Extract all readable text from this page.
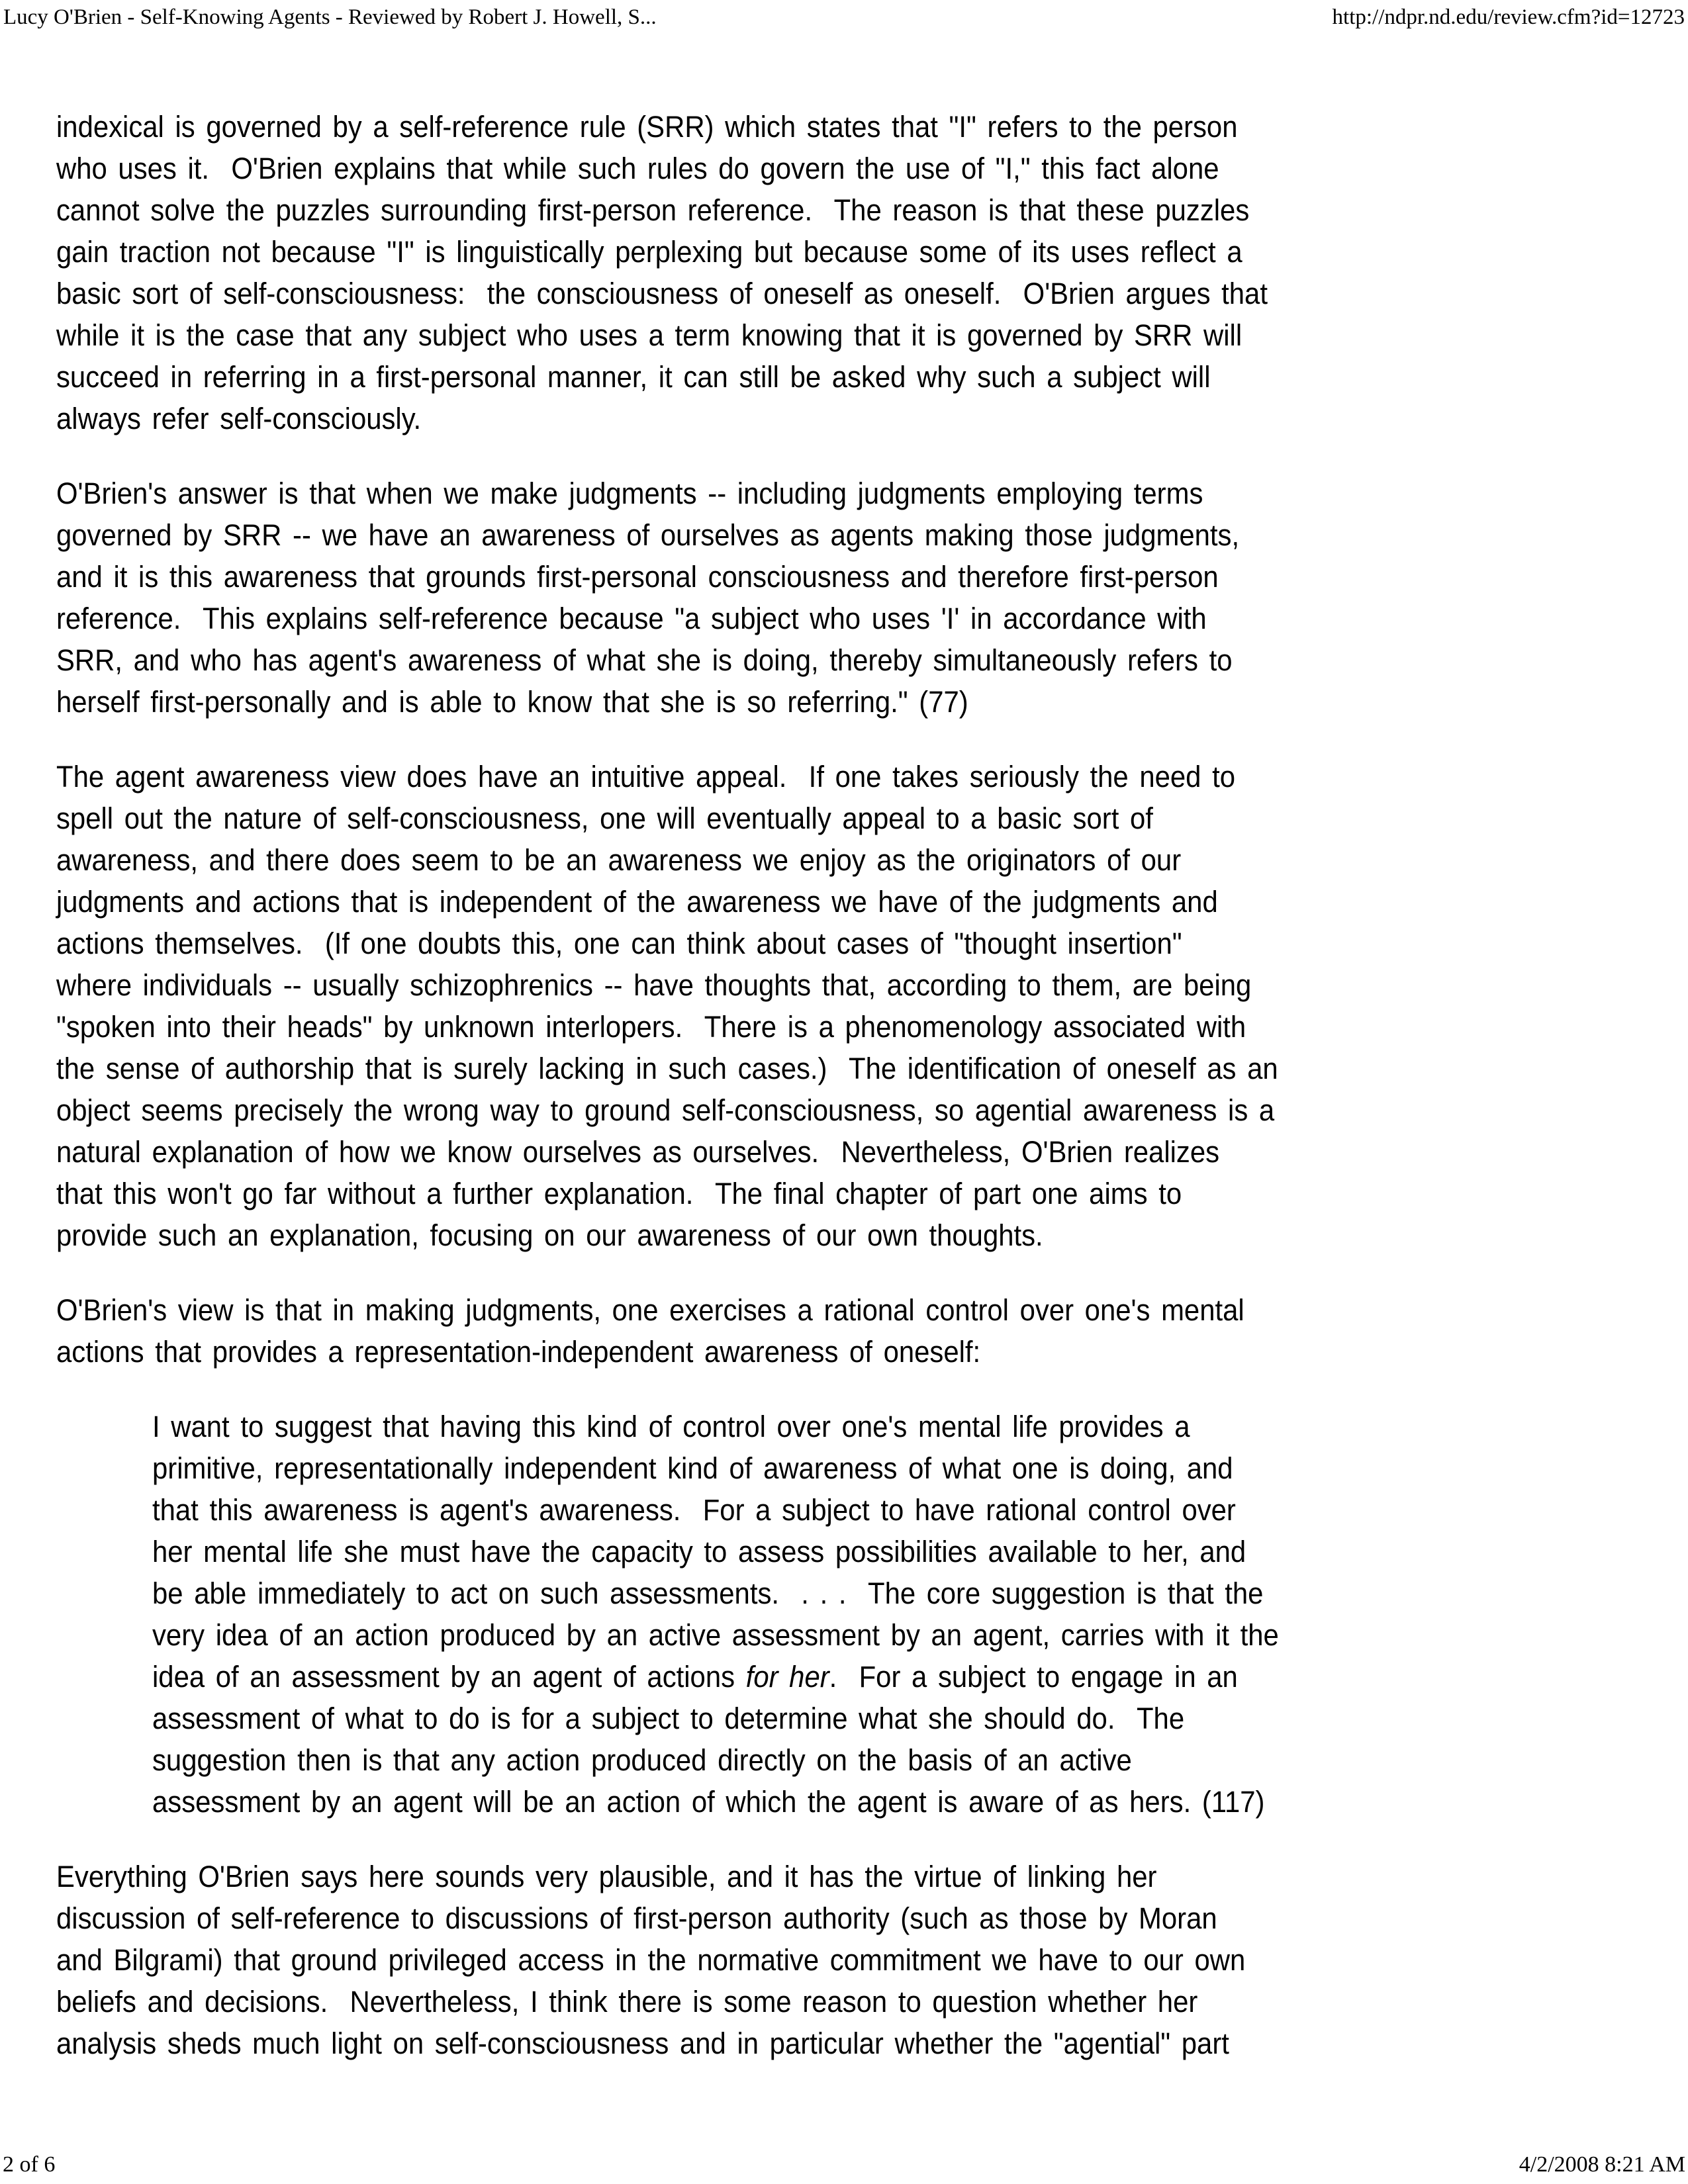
Lucy O'Brien - Self-Knowing Agents - Reviewed by Robert J. Howell, S...	http://ndpr.nd.edu/review.cfm?id=12723
indexical is governed by a self-reference rule (SRR) which states that "I" refers to the person
who uses it.  O'Brien explains that while such rules do govern the use of "I," this fact alone
cannot solve the puzzles surrounding first-person reference.  The reason is that these puzzles
gain traction not because "I" is linguistically perplexing but because some of its uses reflect a
basic sort of self-consciousness:  the consciousness of oneself as oneself.  O'Brien argues that
while it is the case that any subject who uses a term knowing that it is governed by SRR will
succeed in referring in a first-personal manner, it can still be asked why such a subject will
always refer self-consciously.
O'Brien's answer is that when we make judgments -- including judgments employing terms
governed by SRR -- we have an awareness of ourselves as agents making those judgments,
and it is this awareness that grounds first-personal consciousness and therefore first-person
reference.  This explains self-reference because "a subject who uses 'I' in accordance with
SRR, and who has agent's awareness of what she is doing, thereby simultaneously refers to
herself first-personally and is able to know that she is so referring." (77)
The agent awareness view does have an intuitive appeal.  If one takes seriously the need to
spell out the nature of self-consciousness, one will eventually appeal to a basic sort of
awareness, and there does seem to be an awareness we enjoy as the originators of our
judgments and actions that is independent of the awareness we have of the judgments and
actions themselves.  (If one doubts this, one can think about cases of "thought insertion"
where individuals -- usually schizophrenics -- have thoughts that, according to them, are being
"spoken into their heads" by unknown interlopers.  There is a phenomenology associated with
the sense of authorship that is surely lacking in such cases.)  The identification of oneself as an
object seems precisely the wrong way to ground self-consciousness, so agential awareness is a
natural explanation of how we know ourselves as ourselves.  Nevertheless, O'Brien realizes
that this won't go far without a further explanation.  The final chapter of part one aims to
provide such an explanation, focusing on our awareness of our own thoughts.
O'Brien's view is that in making judgments, one exercises a rational control over one's mental
actions that provides a representation-independent awareness of oneself:
I want to suggest that having this kind of control over one's mental life provides a
primitive, representationally independent kind of awareness of what one is doing, and
that this awareness is agent's awareness.  For a subject to have rational control over
her mental life she must have the capacity to assess possibilities available to her, and
be able immediately to act on such assessments.  . . .  The core suggestion is that the
very idea of an action produced by an active assessment by an agent, carries with it the
idea of an assessment by an agent of actions for her.  For a subject to engage in an
assessment of what to do is for a subject to determine what she should do.  The
suggestion then is that any action produced directly on the basis of an active
assessment by an agent will be an action of which the agent is aware of as hers. (117)
Everything O'Brien says here sounds very plausible, and it has the virtue of linking her
discussion of self-reference to discussions of first-person authority (such as those by Moran
and Bilgrami) that ground privileged access in the normative commitment we have to our own
beliefs and decisions.  Nevertheless, I think there is some reason to question whether her
analysis sheds much light on self-consciousness and in particular whether the "agential" part
2 of 6	4/2/2008 8:21 AM
